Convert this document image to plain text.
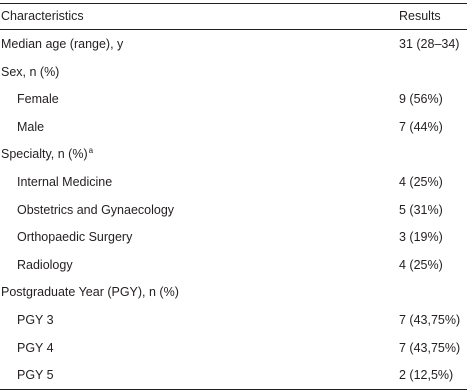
Characteristics	Results
Median age (range), y	31 (28–34)
Sex, n (%)
Female	9 (56%)
Male	7 (44%)
Specialty, n (%)$^a$
Internal Medicine	4 (25%)
Obstetrics and Gynaecology	5 (31%)
Orthopaedic Surgery	3 (19%)
Radiology	4 (25%)
Postgraduate Year (PGY), n (%)
PGY 3	7 (43,75%)
PGY 4	7 (43,75%)
PGY 5	2 (12,5%)
